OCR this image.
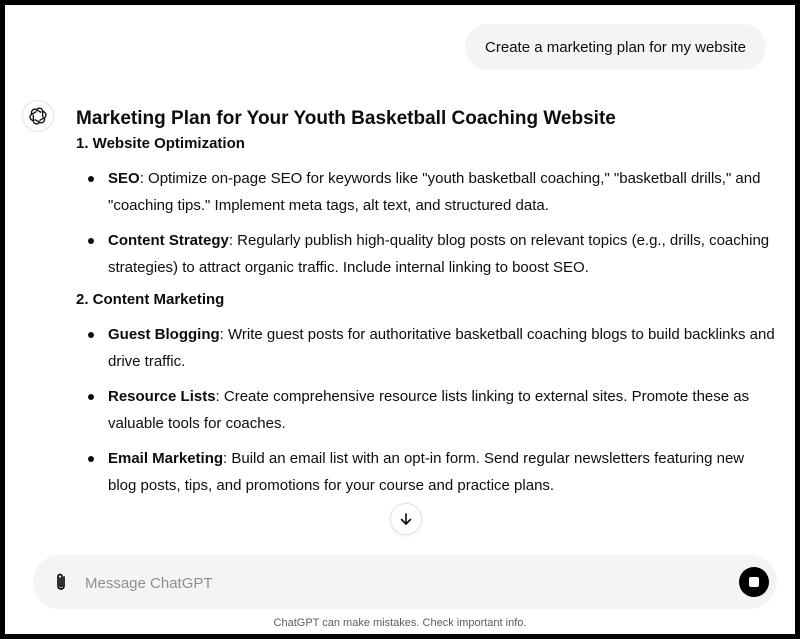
Create a marketing plan for my website
Marketing Plan for Your Youth Basketball Coaching Website
1. Website Optimization
SEO: Optimize on-page SEO for keywords like "youth basketball coaching," "basketball drills," and "coaching tips." Implement meta tags, alt text, and structured data.
Content Strategy: Regularly publish high-quality blog posts on relevant topics (e.g., drills, coaching strategies) to attract organic traffic. Include internal linking to boost SEO.
2. Content Marketing
Guest Blogging: Write guest posts for authoritative basketball coaching blogs to build backlinks and drive traffic.
Resource Lists: Create comprehensive resource lists linking to external sites. Promote these as valuable tools for coaches.
Email Marketing: Build an email list with an opt-in form. Send regular newsletters featuring new blog posts, tips, and promotions for your course and practice plans.
Message ChatGPT
ChatGPT can make mistakes. Check important info.
